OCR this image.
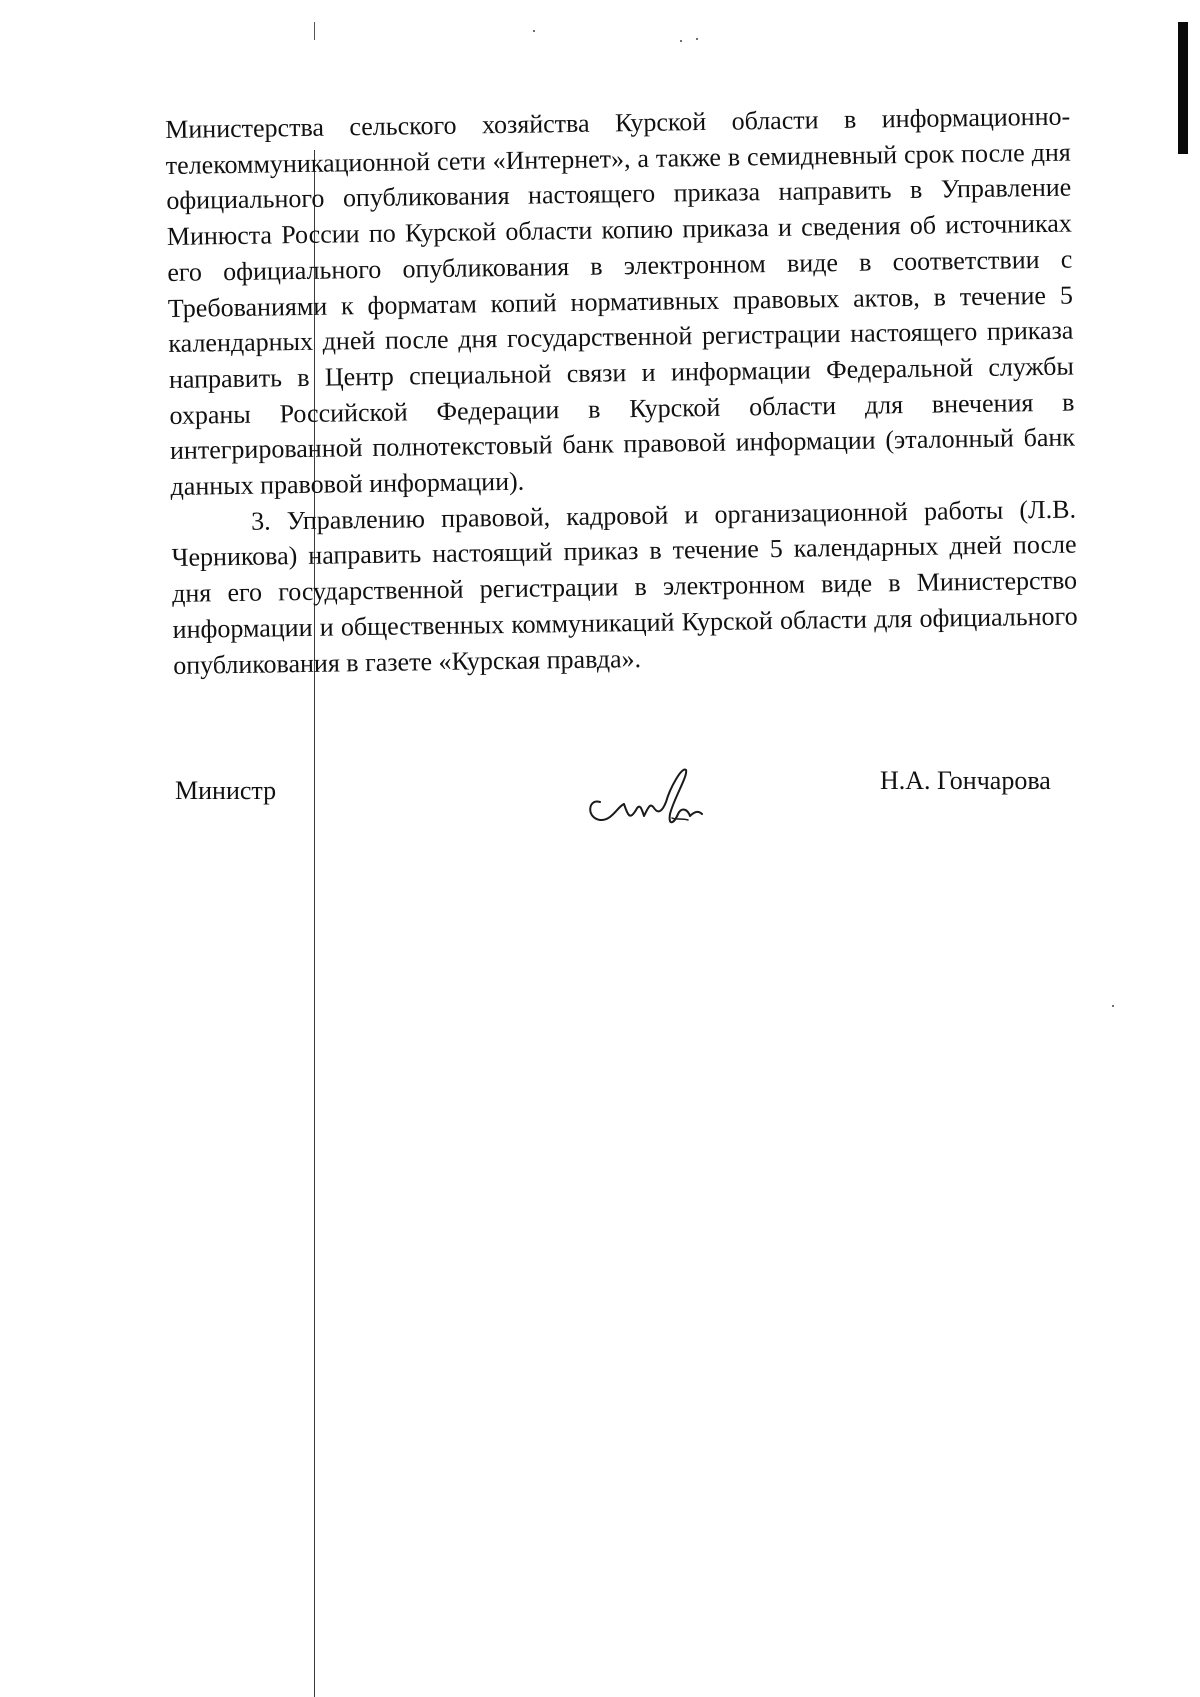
Министерства сельского хозяйства Курской области в информационно-телекоммуникационной сети «Интернет», а также в семидневный срок после дня официального опубликования настоящего приказа направить в Управление Минюста России по Курской области копию приказа и сведения об источниках его официального опубликования в электронном виде в соответствии с Требованиями к форматам копий нормативных правовых актов, в течение 5 календарных дней после дня государственной регистрации настоящего приказа направить в Центр специальной связи и информации Федеральной службы охраны Российской Федерации в Курской области для внечения в интегрированной полнотекстовый банк правовой информации (эталонный банк данных правовой информации).

3. Управлению правовой, кадровой и организационной работы (Л.В. Черникова) направить настоящий приказ в течение 5 календарных дней после дня его государственной регистрации в электронном виде в Министерство информации и общественных коммуникаций Курской области для официального опубликования в газете «Курская правда».

Министр	Н.А. Гончарова
